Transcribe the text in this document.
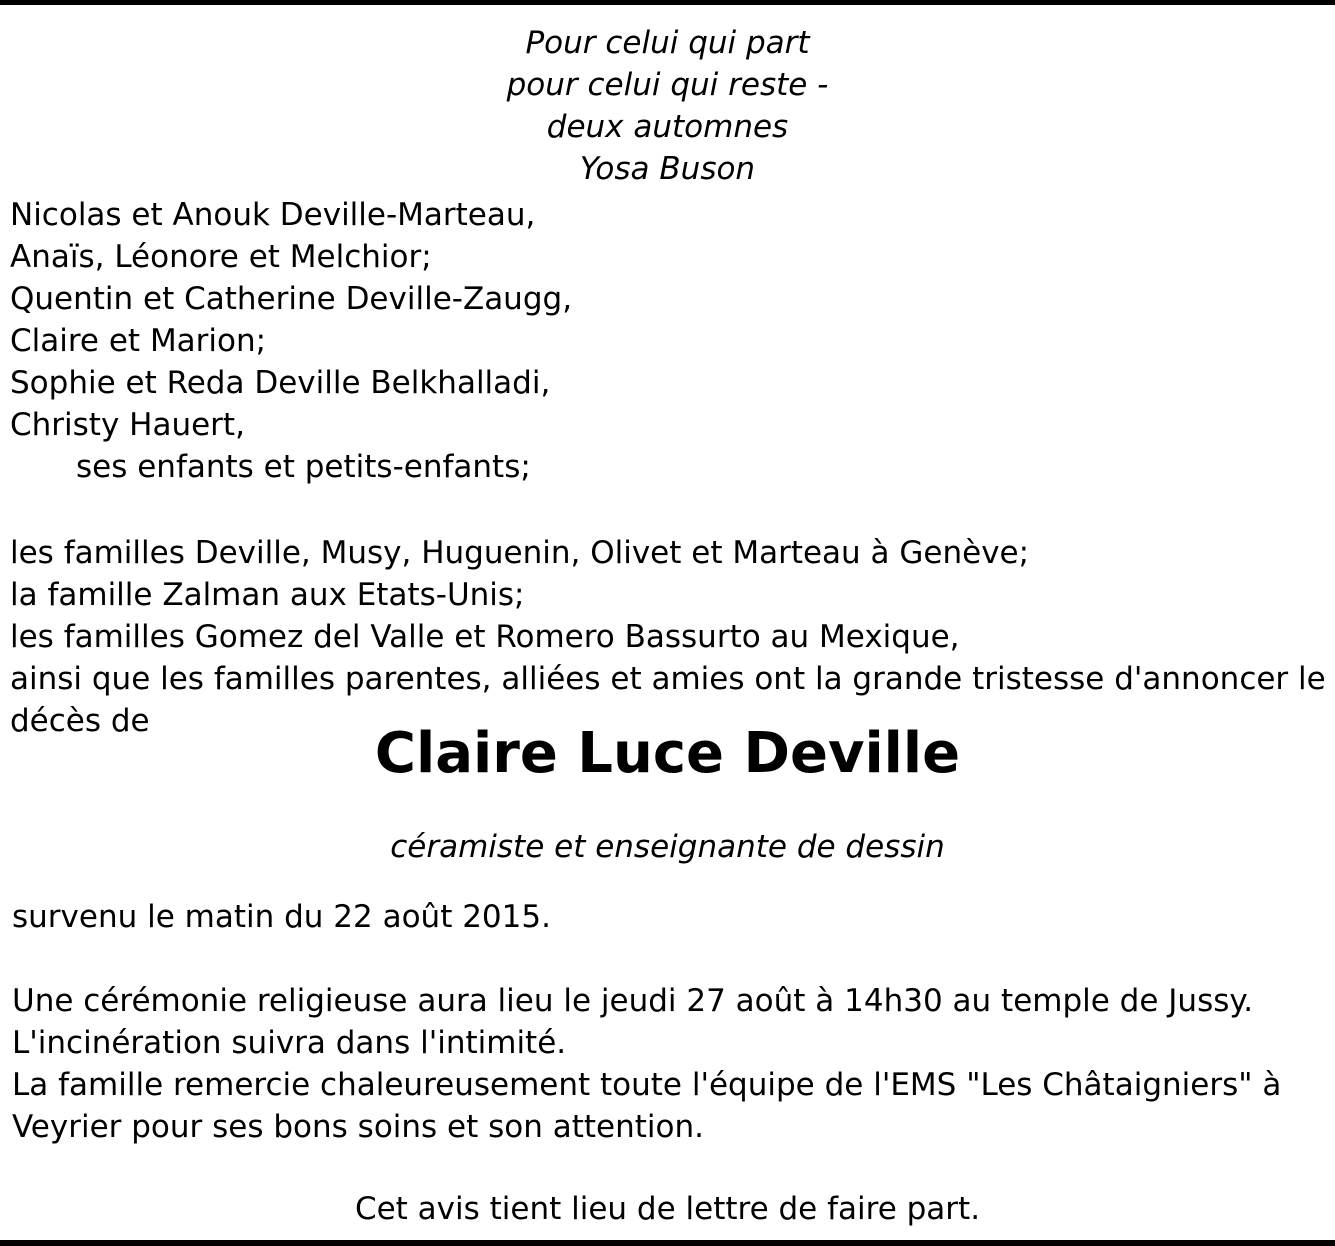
Pour celui qui part
pour celui qui reste -
deux automnes
Yosa Buson
Nicolas et Anouk Deville-Marteau,
Anaïs, Léonore et Melchior;
Quentin et Catherine Deville-Zaugg,
Claire et Marion;
Sophie et Reda Deville Belkhalladi,
Christy Hauert,
ses enfants et petits-enfants;
les familles Deville, Musy, Huguenin, Olivet et Marteau à Genève;
la famille Zalman aux Etats-Unis;
les familles Gomez del Valle et Romero Bassurto au Mexique,
ainsi que les familles parentes, alliées et amies ont la grande tristesse d'annoncer le
décès de	Claire Luce Deville
céramiste et enseignante de dessin
survenu le matin du 22 août 2015.
Une cérémonie religieuse aura lieu le jeudi 27 août à 14h30 au temple de Jussy.
L'incinération suivra dans l'intimité.
La famille remercie chaleureusement toute l'équipe de l'EMS "Les Châtaigniers" à
Veyrier pour ses bons soins et son attention.
Cet avis tient lieu de lettre de faire part.
